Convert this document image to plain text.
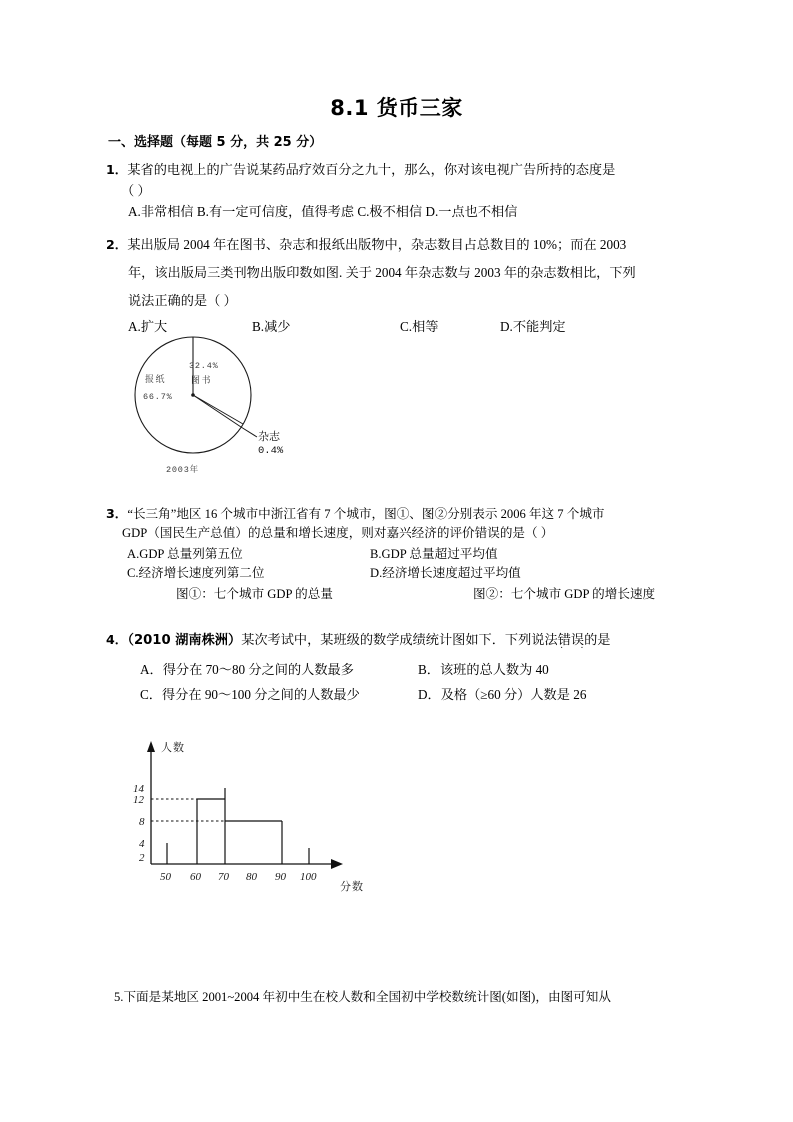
8.1 货币三家
一、选择题（每题 5 分，共 25 分）
1．某省的电视上的广告说某药品疗效百分之九十，那么，你对该电视广告所持的态度是
（ ）
A.非常相信 B.有一定可信度，值得考虑 C.极不相信 D.一点也不相信
2．某出版局 2004 年在图书、杂志和报纸出版物中，杂志数目占总数目的 10%；而在 2003
年，该出版局三类刊物出版印数如图. 关于 2004 年杂志数与 2003 年的杂志数相比，下列
说法正确的是（ ）
A.扩大	B.减少	C.相等	D.不能判定
32.4%
图书
报纸
66.7%
杂志
0.4%
2003年
3．“长三角”地区 16 个城市中浙江省有 7 个城市，图①、图②分别表示 2006 年这 7 个城市
GDP（国民生产总值）的总量和增长速度，则对嘉兴经济的评价错误的是（ ）
A.GDP 总量列第五位	B.GDP 总量超过平均值
C.经济增长速度列第二位	D.经济增长速度超过平均值
图①：七个城市 GDP 的总量	图②：七个城市 GDP 的增长速度
4．（2010 湖南株洲）某次考试中，某班级的数学成绩统计图如下．下列说法错误 · ·的是
A．得分在 70～80 分之间的人数最多	B．该班的总人数为 40
C．得分在 90～100 分之间的人数最少	D．及格（≥60 分）人数是 26
14
12
8
4
2
50 60 70 80 90 100
人数
分数
5.下面是某地区 2001~2004 年初中生在校人数和全国初中学校数统计图(如图)，由图可知从
